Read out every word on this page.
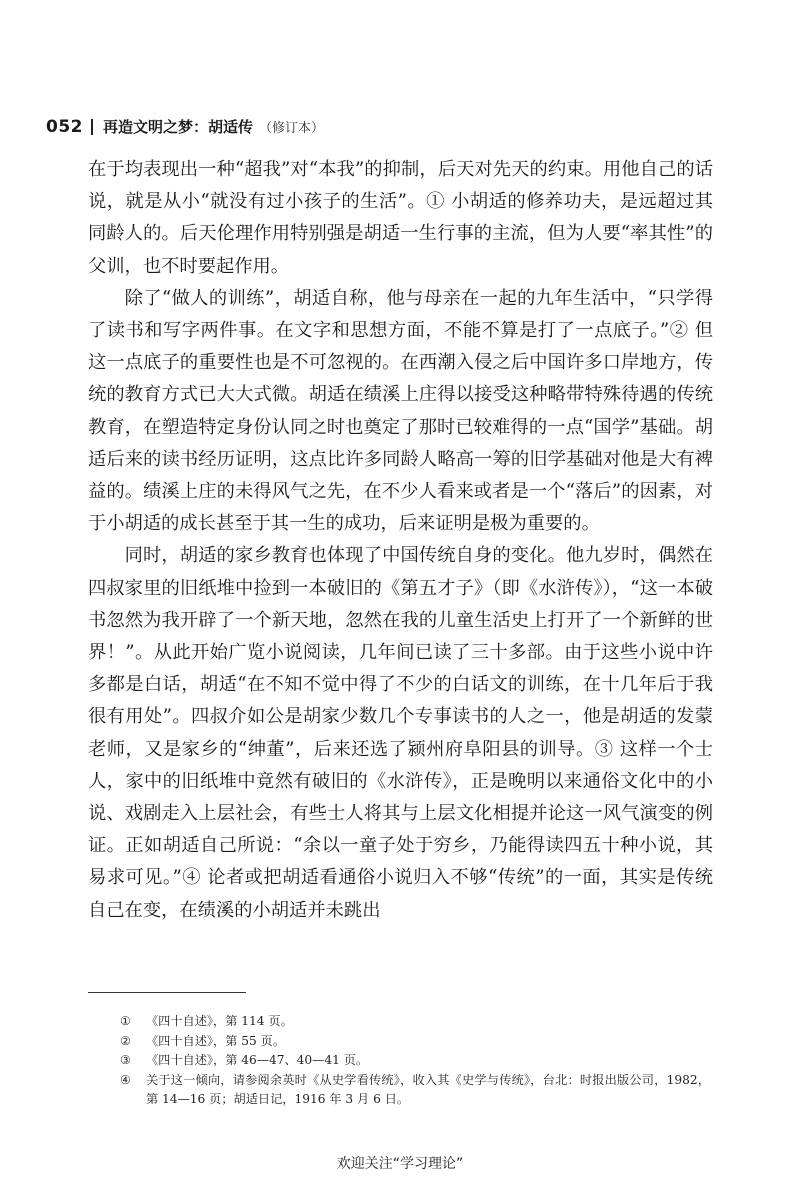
052 再造文明之梦：胡适传 （修订本）

在于均表现出一种“超我”对“本我”的抑制，后天对先天的约束。用他自己的话说，就是从小“就没有过小孩子的生活”。① 小胡适的修养功夫，是远超过其同龄人的。后天伦理作用特别强是胡适一生行事的主流，但为人要“率其性”的父训，也不时要起作用。

除了“做人的训练”，胡适自称，他与母亲在一起的九年生活中，“只学得了读书和写字两件事。在文字和思想方面，不能不算是打了一点底子。”② 但这一点底子的重要性也是不可忽视的。在西潮入侵之后中国许多口岸地方，传统的教育方式已大大式微。胡适在绩溪上庄得以接受这种略带特殊待遇的传统教育，在塑造特定身份认同之时也奠定了那时已较难得的一点“国学”基础。胡适后来的读书经历证明，这点比许多同龄人略高一筹的旧学基础对他是大有裨益的。绩溪上庄的未得风气之先，在不少人看来或者是一个“落后”的因素，对于小胡适的成长甚至于其一生的成功，后来证明是极为重要的。

同时，胡适的家乡教育也体现了中国传统自身的变化。他九岁时，偶然在四叔家里的旧纸堆中捡到一本破旧的《第五才子》（即《水浒传》），“这一本破书忽然为我开辟了一个新天地，忽然在我的儿童生活史上打开了一个新鲜的世界！”。从此开始广览小说阅读，几年间已读了三十多部。由于这些小说中许多都是白话，胡适“在不知不觉中得了不少的白话文的训练，在十几年后于我很有用处”。四叔介如公是胡家少数几个专事读书的人之一，他是胡适的发蒙老师，又是家乡的“绅董”，后来还选了颍州府阜阳县的训导。③ 这样一个士人，家中的旧纸堆中竟然有破旧的《水浒传》，正是晚明以来通俗文化中的小说、戏剧走入上层社会，有些士人将其与上层文化相提并论这一风气演变的例证。正如胡适自己所说：“余以一童子处于穷乡，乃能得读四五十种小说，其易求可见。”④ 论者或把胡适看通俗小说归入不够“传统”的一面，其实是传统自己在变，在绩溪的小胡适并未跳出

①	《四十自述》，第 114 页。
②	《四十自述》，第 55 页。
③	《四十自述》，第 46—47、40—41 页。
④	关于这一倾向，请参阅余英时《从史学看传统》，收入其《史学与传统》，台北：时报出版公司，1982，第 14—16 页；胡适日记，1916 年 3 月 6 日。
欢迎关注“学习理论”
